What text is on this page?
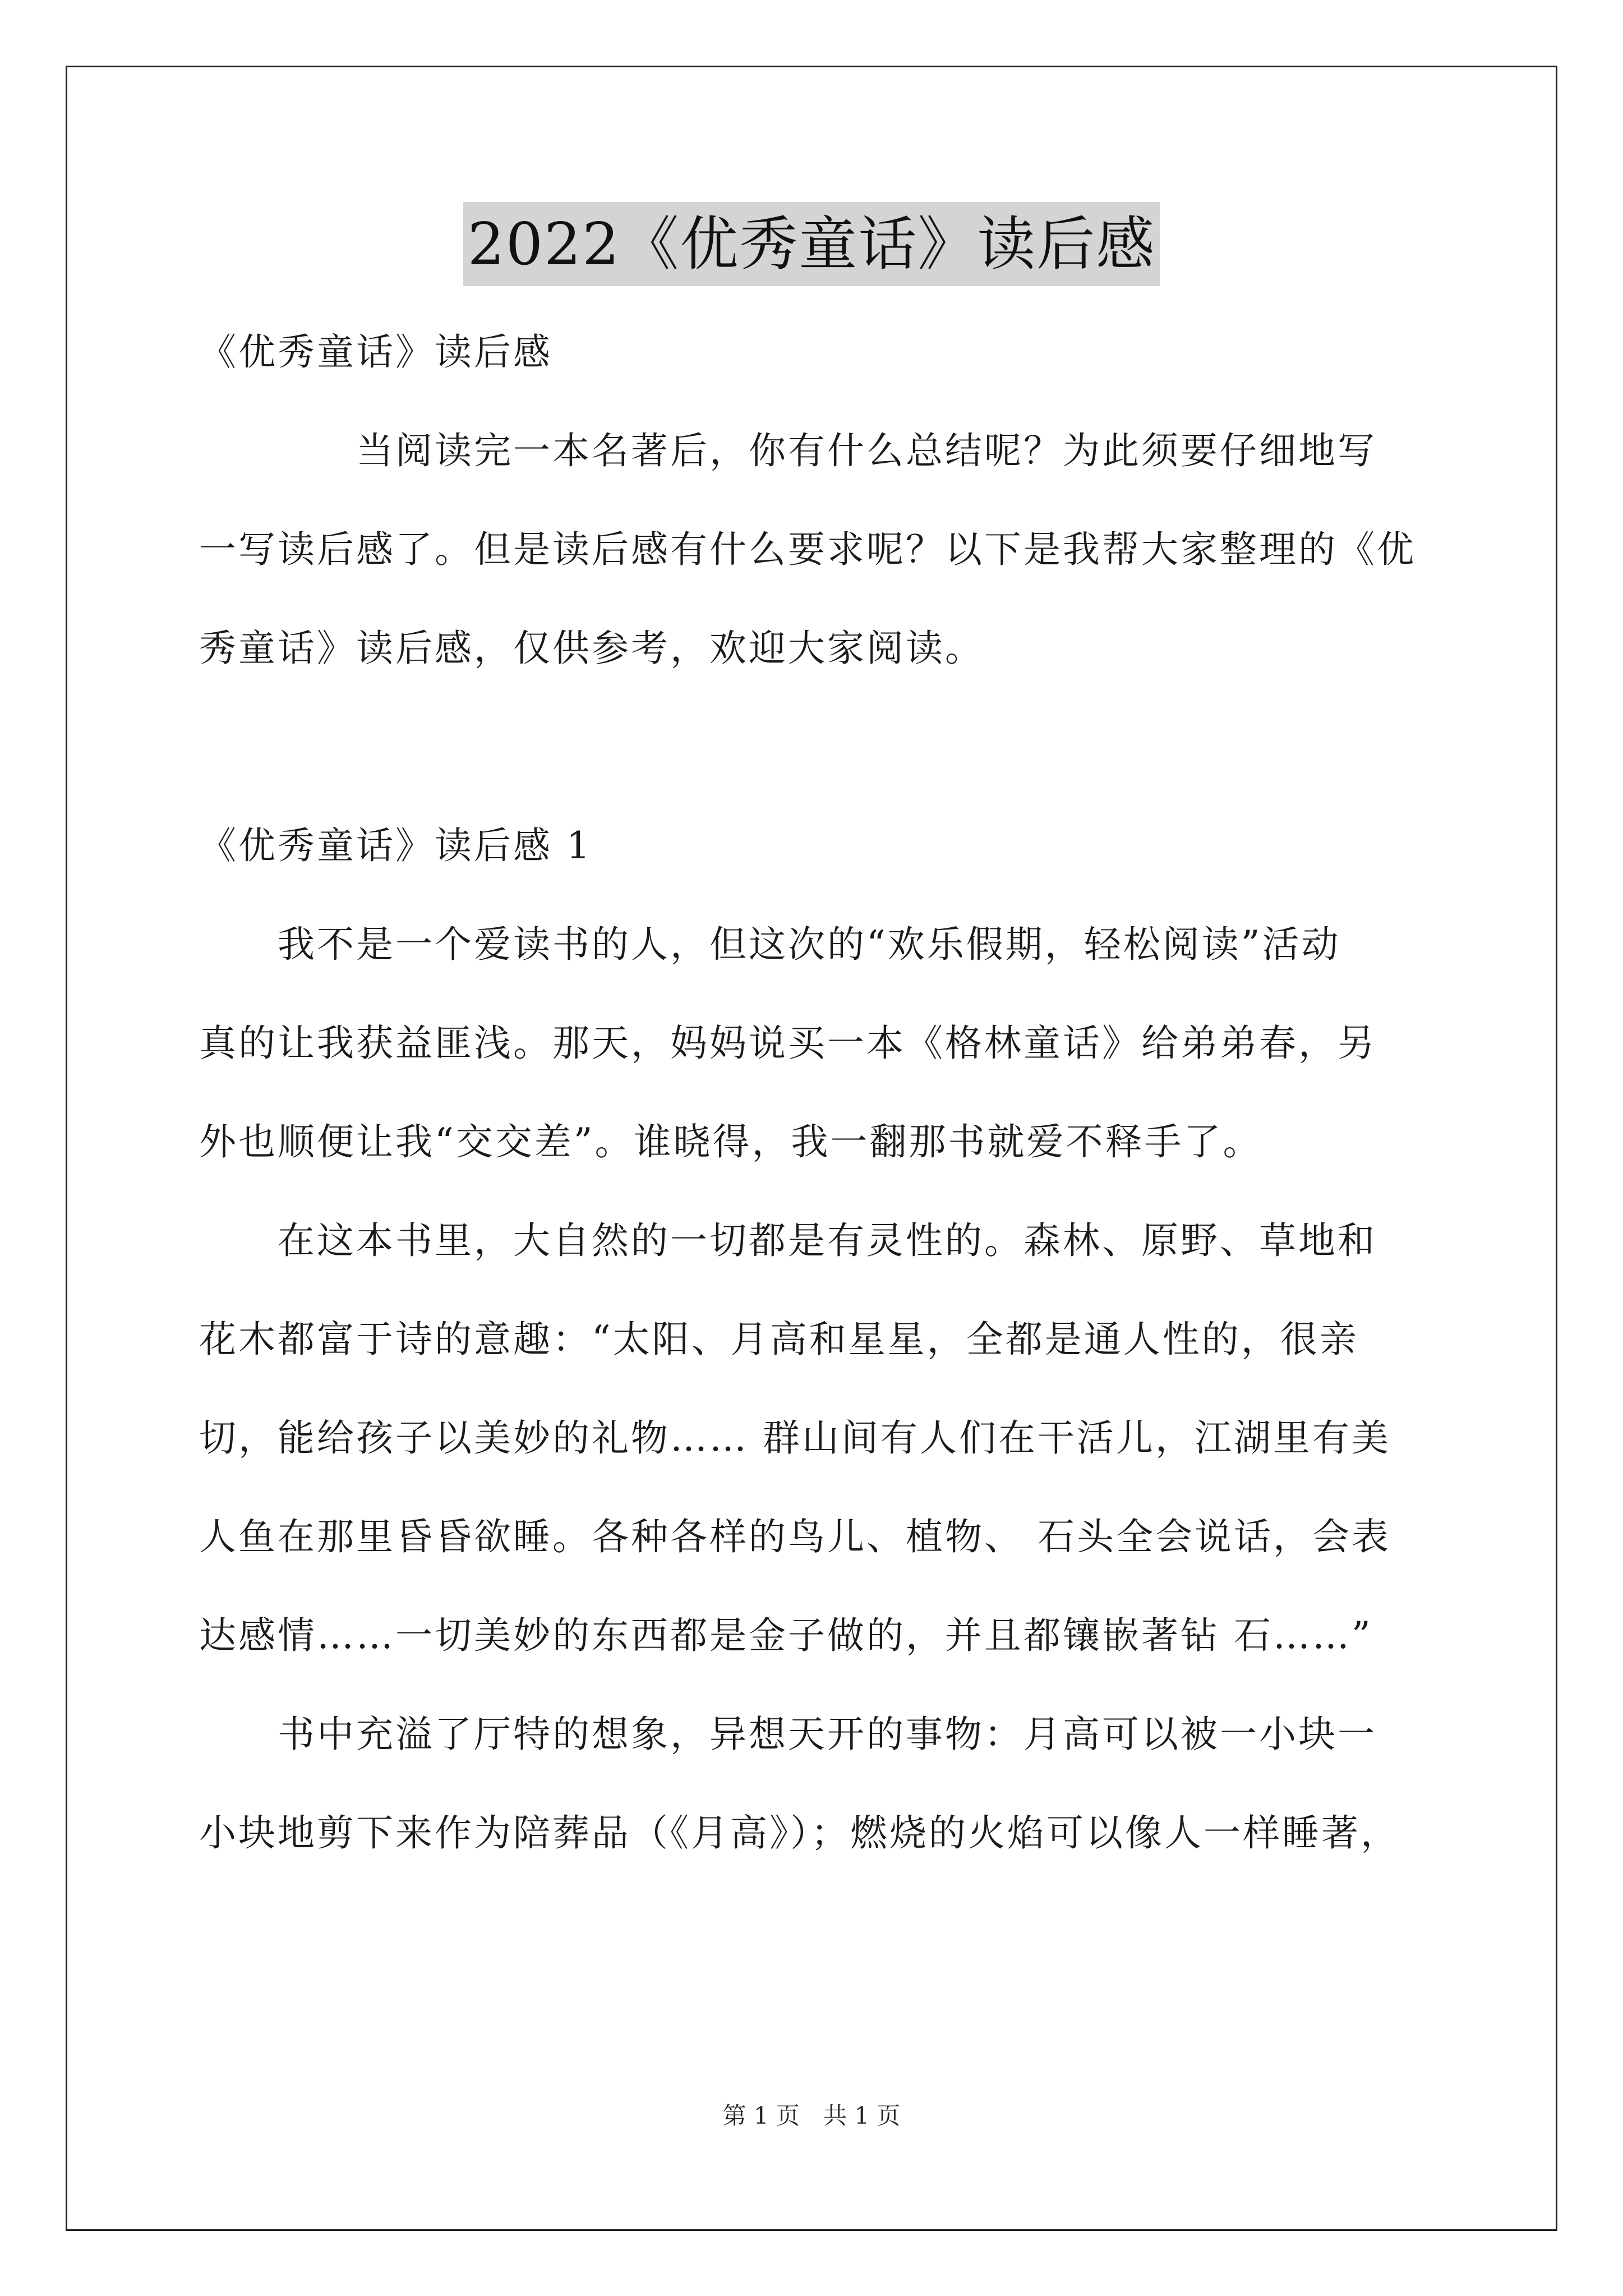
2022《优秀童话》读后感
《优秀童话》读后感
　　　　当阅读完一本名著后，你有什么总结呢？为此须要仔细地写
一写读后感了。但是读后感有什么要求呢？以下是我帮大家整理的《优
秀童话》读后感，仅供参考，欢迎大家阅读。
《优秀童话》读后感 1
　　我不是一个爱读书的人，但这次的“欢乐假期，轻松阅读”活动
真的让我获益匪浅。那天，妈妈说买一本《格林童话》给弟弟春，另
外也顺便让我“交交差”。谁晓得，我一翻那书就爱不释手了。
　　在这本书里，大自然的一切都是有灵性的。森林、原野、草地和
花木都富于诗的意趣：“太阳、月高和星星，全都是通人性的，很亲
切，能给孩子以美妙的礼物…… 群山间有人们在干活儿，江湖里有美
人鱼在那里昏昏欲睡。各种各样的鸟儿、植物、 石头全会说话，会表
达感情……一切美妙的东西都是金子做的，并且都镶嵌著钻 石……”
　　书中充溢了厅特的想象，异想天开的事物：月高可以被一小块一
小块地剪下来作为陪葬品（《月高》）；燃烧的火焰可以像人一样睡著，
第 1 页　共 1 页
